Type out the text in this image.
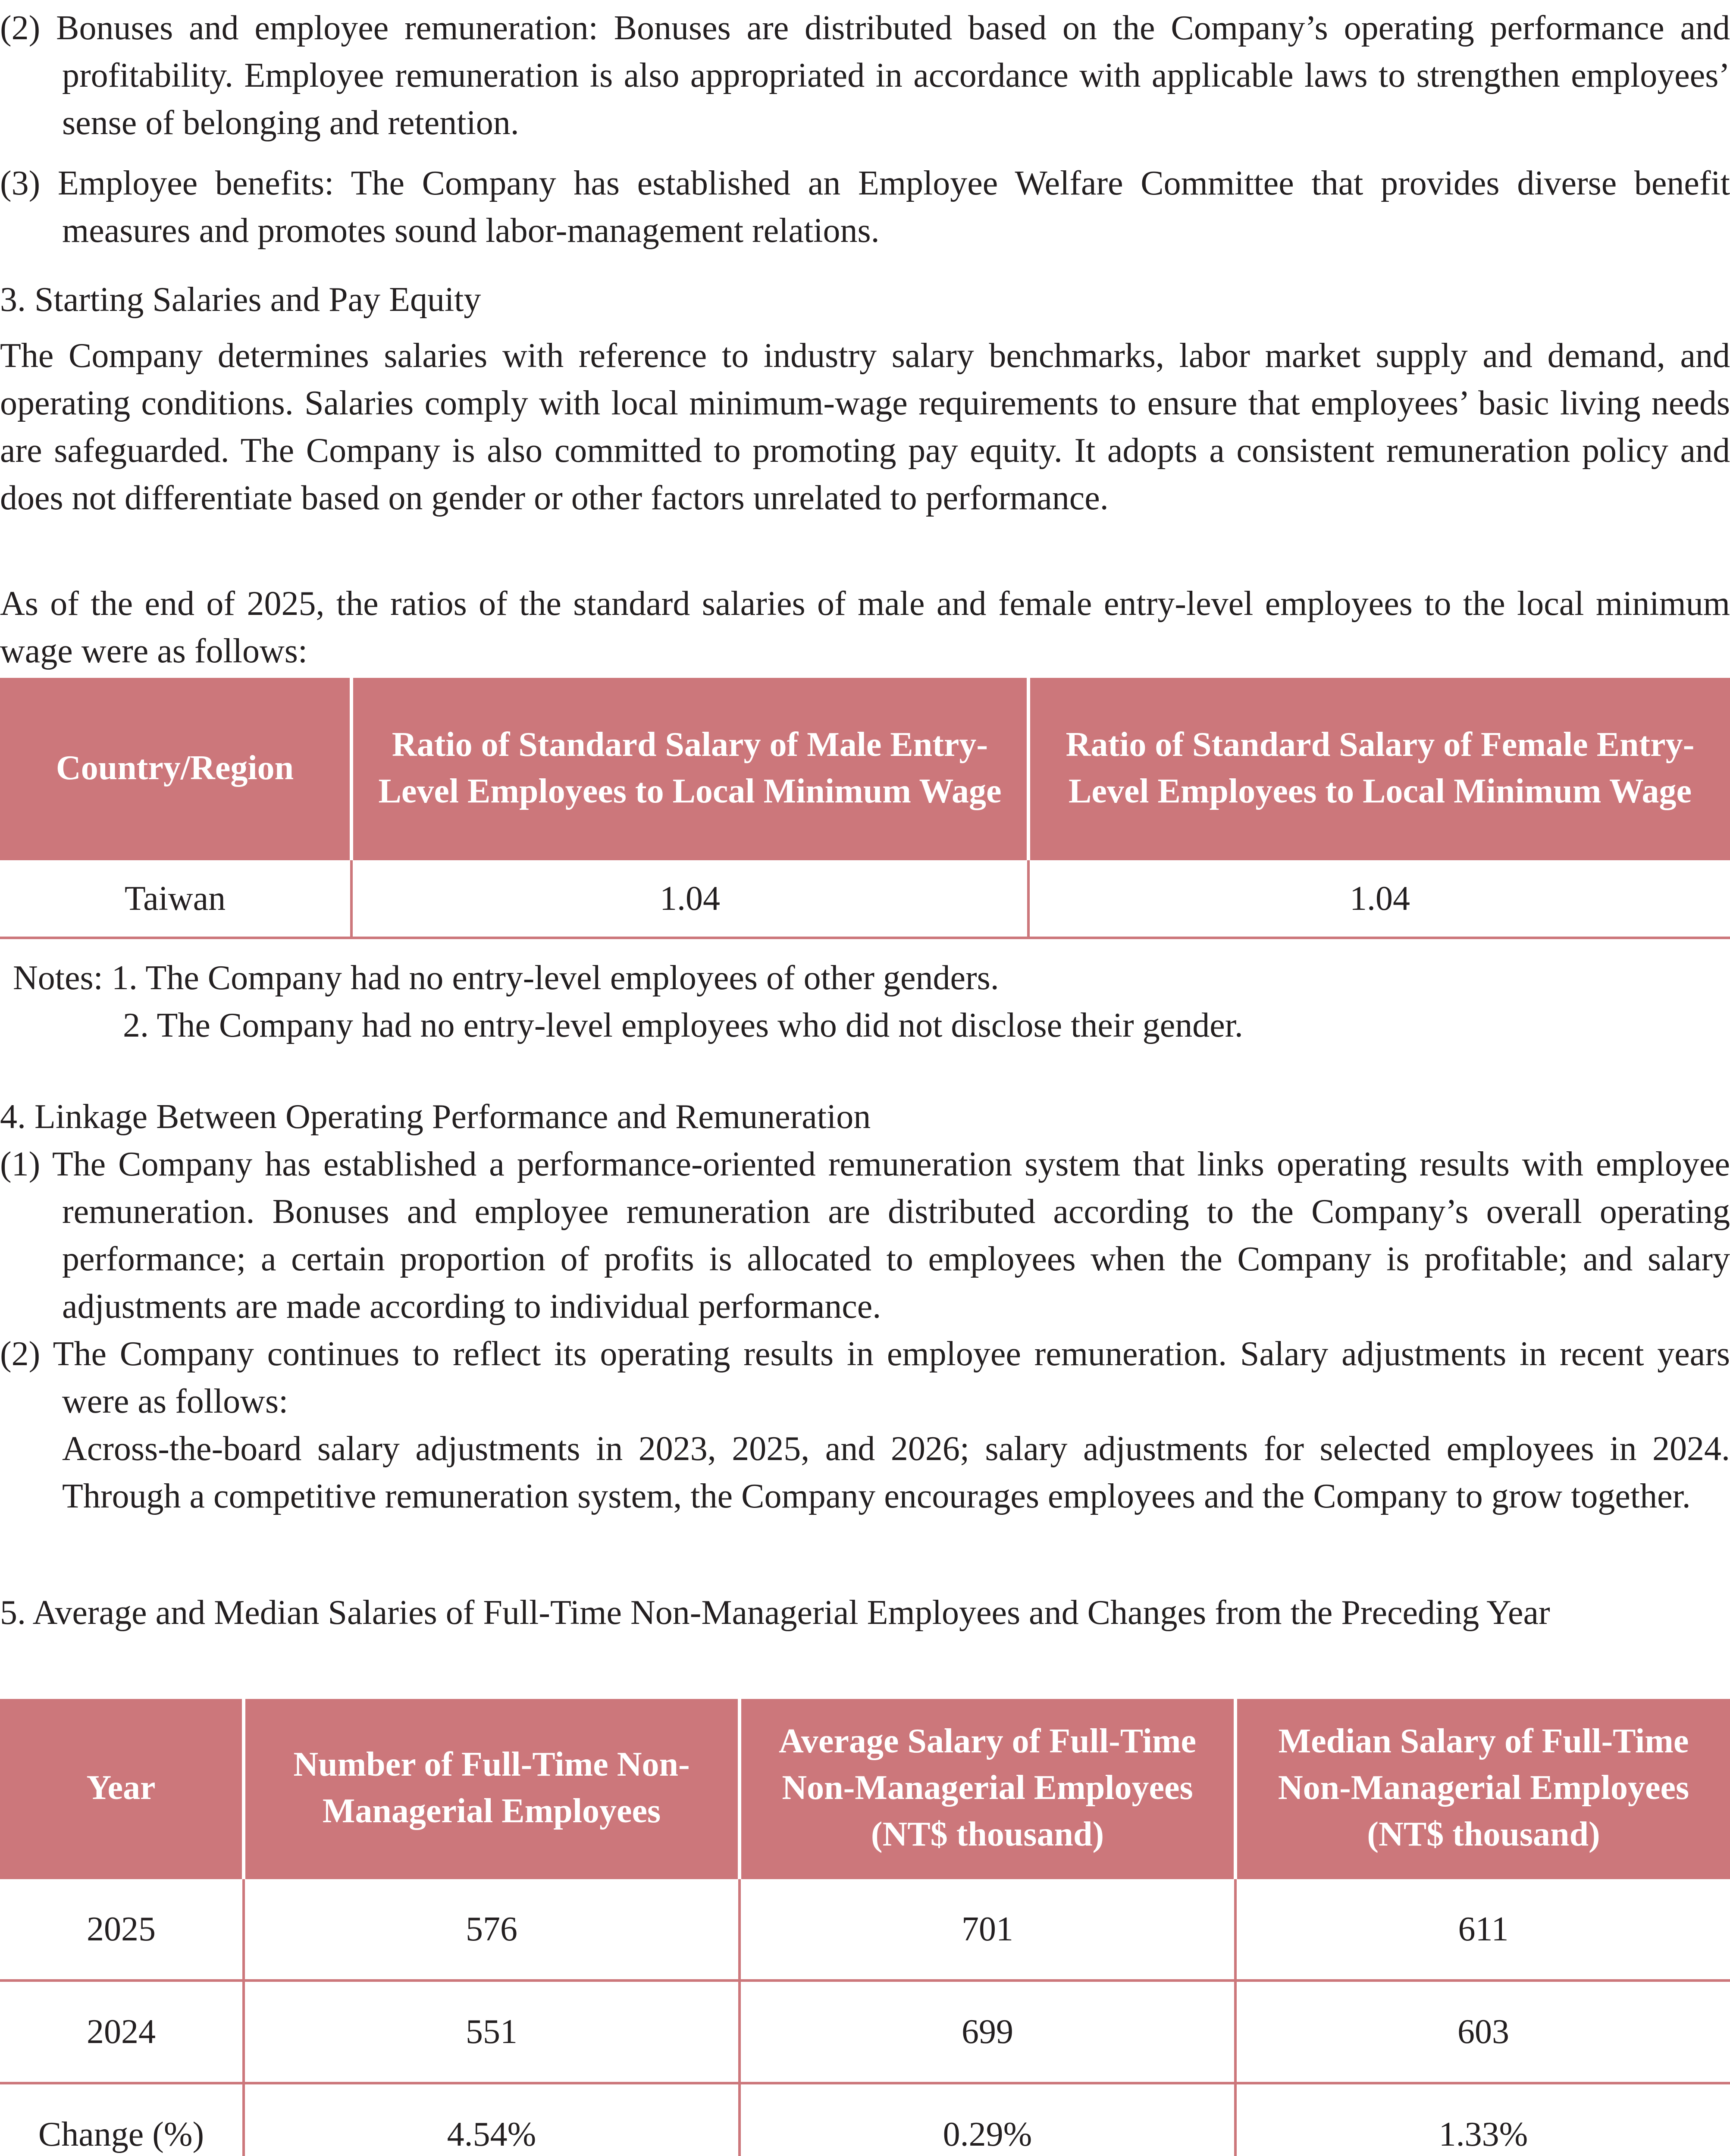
(2) Bonuses and employee remuneration: Bonuses are distributed based on the Company’s operating performance and profitability. Employee remuneration is also appropriated in accordance with applicable laws to strengthen employees’ sense of belonging and retention.

(3) Employee benefits: The Company has established an Employee Welfare Committee that provides diverse benefit measures and promotes sound labor-management relations.

3. Starting Salaries and Pay Equity

The Company determines salaries with reference to industry salary benchmarks, labor market supply and demand, and operating conditions. Salaries comply with local minimum-wage requirements to ensure that employees’ basic living needs are safeguarded. The Company is also committed to promoting pay equity. It adopts a consistent remuneration policy and does not differentiate based on gender or other factors unrelated to performance.

As of the end of 2025, the ratios of the standard salaries of male and female entry-level employees to the local minimum wage were as follows:

Country/Region	Ratio of Standard Salary of Male Entry-Level Employees to Local Minimum Wage	Ratio of Standard Salary of Female Entry-Level Employees to Local Minimum Wage
Taiwan	1.04	1.04

Notes: 1. The Company had no entry-level employees of other genders.

2. The Company had no entry-level employees who did not disclose their gender.

4. Linkage Between Operating Performance and Remuneration

(1) The Company has established a performance-oriented remuneration system that links operating results with employee remuneration. Bonuses and employee remuneration are distributed according to the Company’s overall operating performance; a certain proportion of profits is allocated to employees when the Company is profitable; and salary adjustments are made according to individual performance.

(2) The Company continues to reflect its operating results in employee remuneration. Salary adjustments in recent years were as follows:

Across-the-board salary adjustments in 2023, 2025, and 2026; salary adjustments for selected employees in 2024. Through a competitive remuneration system, the Company encourages employees and the Company to grow together.

5. Average and Median Salaries of Full-Time Non-Managerial Employees and Changes from the Preceding Year

Year	Number of Full-Time Non-Managerial Employees	Average Salary of Full-Time Non-Managerial Employees (NT$ thousand)	Median Salary of Full-Time Non-Managerial Employees (NT$ thousand)
2025	576	701	611
2024	551	699	603
Change (%)	4.54%	0.29%	1.33%
